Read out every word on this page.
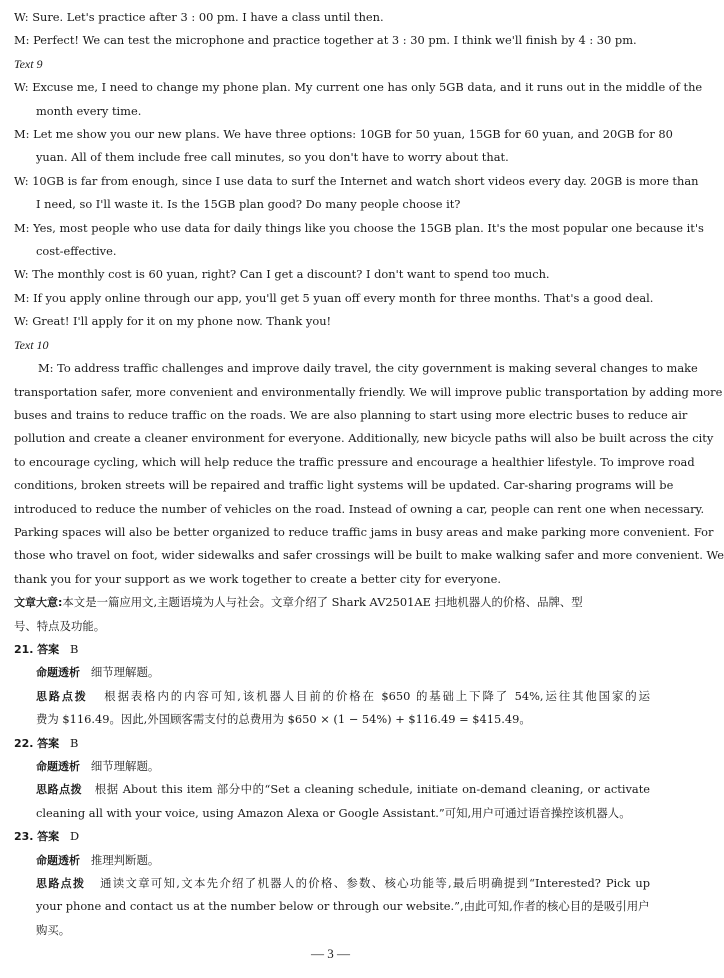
W: Sure. Let's practice after 3 : 00 pm. I have a class until then.
M: Perfect! We can test the microphone and practice together at 3 : 30 pm. I think we'll finish by 4 : 30 pm.
Text 9
W: Excuse me, I need to change my phone plan. My current one has only 5GB data, and it runs out in the middle of the
month every time.
M: Let me show you our new plans. We have three options: 10GB for 50 yuan, 15GB for 60 yuan, and 20GB for 80
yuan. All of them include free call minutes, so you don't have to worry about that.
W: 10GB is far from enough, since I use data to surf the Internet and watch short videos every day. 20GB is more than
I need, so I'll waste it. Is the 15GB plan good? Do many people choose it?
M: Yes, most people who use data for daily things like you choose the 15GB plan. It's the most popular one because it's
cost-effective.
W: The monthly cost is 60 yuan, right? Can I get a discount? I don't want to spend too much.
M: If you apply online through our app, you'll get 5 yuan off every month for three months. That's a good deal.
W: Great! I'll apply for it on my phone now. Thank you!
Text 10
M: To address traffic challenges and improve daily travel, the city government is making several changes to make
transportation safer, more convenient and environmentally friendly. We will improve public transportation by adding more
buses and trains to reduce traffic on the roads. We are also planning to start using more electric buses to reduce air
pollution and create a cleaner environment for everyone. Additionally, new bicycle paths will also be built across the city
to encourage cycling, which will help reduce the traffic pressure and encourage a healthier lifestyle. To improve road
conditions, broken streets will be repaired and traffic light systems will be updated. Car-sharing programs will be
introduced to reduce the number of vehicles on the road. Instead of owning a car, people can rent one when necessary.
Parking spaces will also be better organized to reduce traffic jams in busy areas and make parking more convenient. For
those who travel on foot, wider sidewalks and safer crossings will be built to make walking safer and more convenient. We
thank you for your support as we work together to create a better city for everyone.
文章大意:本文是一篇应用文,主题语境为人与社会。文章介绍了 Shark AV2501AE 扫地机器人的价格、品牌、型
号、特点及功能。
21. 答案 B
命题透析 细节理解题。
思路点拨 根据表格内的内容可知,该机器人目前的价格在 $650 的基础上下降了 54%,运往其他国家的运
费为 $116.49。因此,外国顾客需支付的总费用为 $650 × (1 − 54%) + $116.49 = $415.49。
22. 答案 B
命题透析 细节理解题。
思路点拨 根据 About this item 部分中的“Set a cleaning schedule, initiate on-demand cleaning, or activate
cleaning all with your voice, using Amazon Alexa or Google Assistant.”可知,用户可通过语音操控该机器人。
23. 答案 D
命题透析 推理判断题。
思路点拨 通读文章可知,文本先介绍了机器人的价格、参数、核心功能等,最后明确提到“Interested? Pick up
your phone and contact us at the number below or through our website.”,由此可知,作者的核心目的是吸引用户
购买。
— 3 —
